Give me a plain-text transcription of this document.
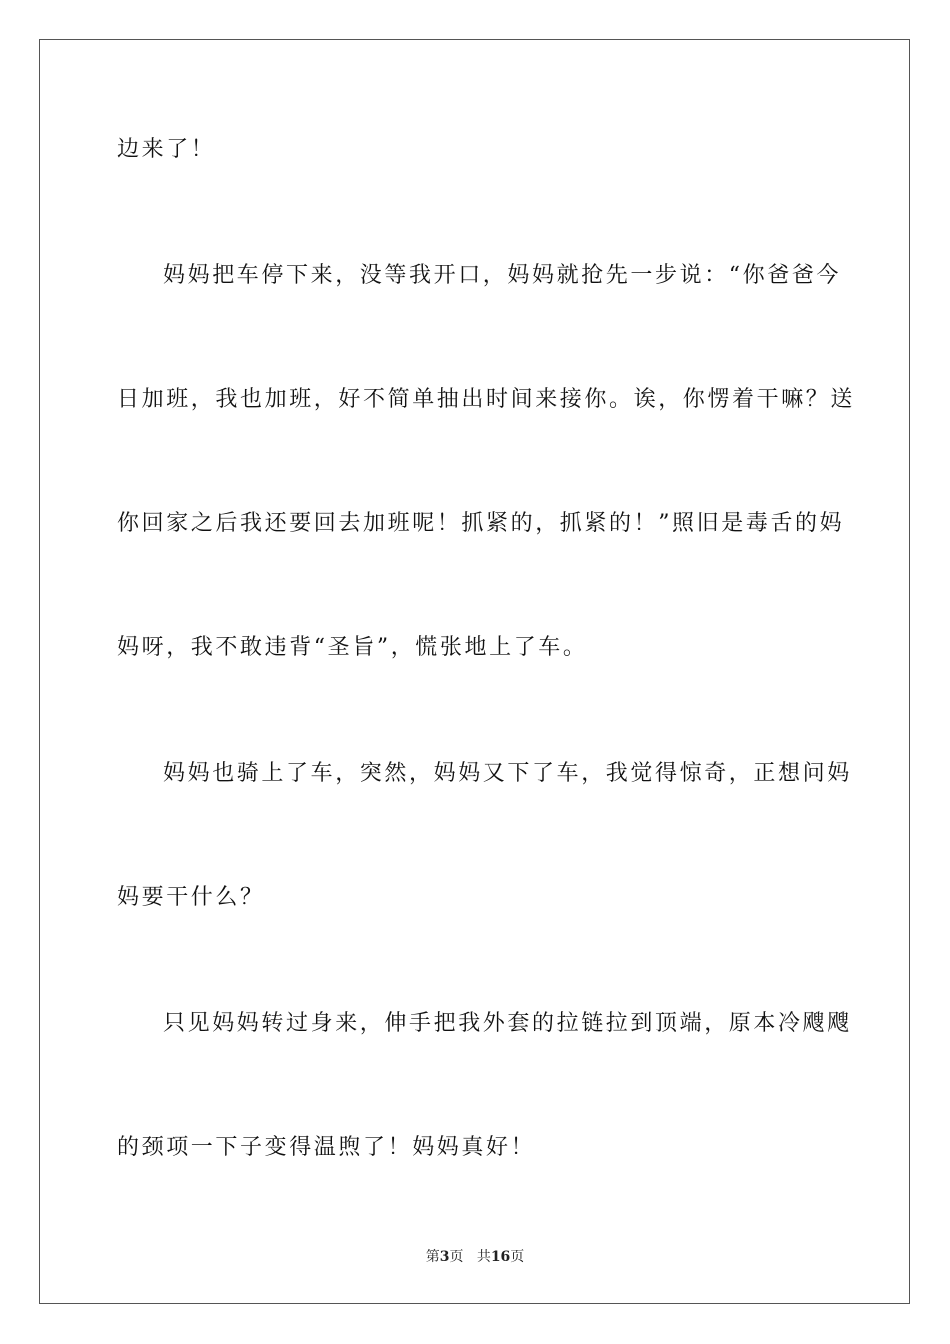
边来了！
妈妈把车停下来，没等我开口，妈妈就抢先一步说：“你爸爸今
日加班，我也加班，好不简单抽出时间来接你。诶，你愣着干嘛？送
你回家之后我还要回去加班呢！抓紧的，抓紧的！”照旧是毒舌的妈
妈呀，我不敢违背“圣旨”，慌张地上了车。
妈妈也骑上了车，突然，妈妈又下了车，我觉得惊奇，正想问妈
妈要干什么？
只见妈妈转过身来，伸手把我外套的拉链拉到顶端，原本冷飕飕
的颈项一下子变得温煦了！妈妈真好！
第3页 共16页
